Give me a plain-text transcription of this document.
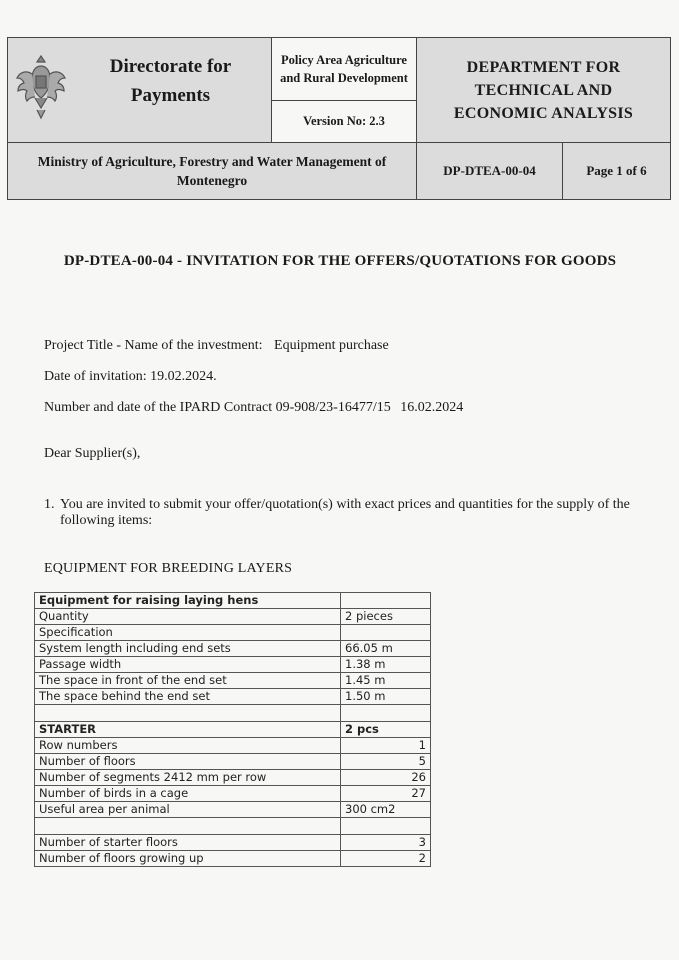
Directorate for Payments
Policy Area Agriculture and Rural Development
Version No: 2.3
DEPARTMENT FOR TECHNICAL AND ECONOMIC ANALYSIS
Ministry of Agriculture, Forestry and Water Management of Montenegro
DP-DTEA-00-04	Page 1 of 6
DP-DTEA-00-04 - INVITATION FOR THE OFFERS/QUOTATIONS FOR GOODS
Project Title - Name of the investment: Equipment purchase
Date of invitation: 19.02.2024.
Number and date of the IPARD Contract 09-908/23-16477/15 16.02.2024
Dear Supplier(s),
1. You are invited to submit your offer/quotation(s) with exact prices and quantities for the supply of the following items:
EQUIPMENT FOR BREEDING LAYERS
Equipment for raising laying hens	
Quantity	2 pieces
Specification	
System length including end sets	66.05 m
Passage width	1.38 m
The space in front of the end set	1.45 m
The space behind the end set	1.50 m

STARTER	2 pcs
Row numbers	1
Number of floors	5
Number of segments 2412 mm per row	26
Number of birds in a cage	27
Useful area per animal	300 cm2

Number of starter floors	3
Number of floors growing up	2
